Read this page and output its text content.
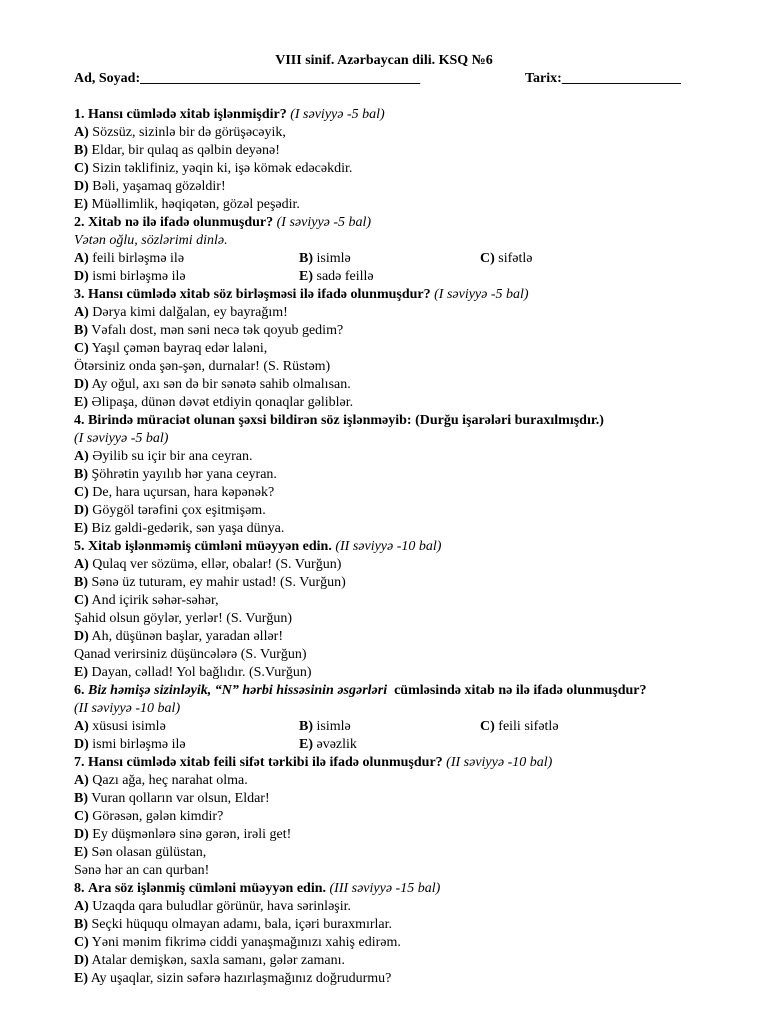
VIII sinif. Azərbaycan dili. KSQ №6
Ad, Soyad:________________________________________	Tarix:_________________
1. Hansı cümlədə xitab işlənmişdir? (I səviyyə -5 bal)
A) Sözsüz, sizinlə bir də görüşəcəyik,
B) Eldar, bir qulaq as qəlbin deyənə!
C) Sizin təklifiniz, yəqin ki, işə kömək edəcəkdir.
D) Bəli, yaşamaq gözəldir!
E) Müəllimlik, həqiqətən, gözəl peşədir.
2. Xitab nə ilə ifadə olunmuşdur? (I səviyyə -5 bal)
Vətən oğlu, sözlərimi dinlə.
A) feili birləşmə ilə	B) isimlə	C) sifətlə
D) ismi birləşmə ilə	E) sadə feillə
3. Hansı cümlədə xitab söz birləşməsi ilə ifadə olunmuşdur? (I səviyyə -5 bal)
A) Dərya kimi dalğalan, ey bayrağım!
B) Vəfalı dost, mən səni necə tək qoyub gedim?
C) Yaşıl çəmən bayraq edər laləni,
Ötərsiniz onda şən-şən, durnalar! (S. Rüstəm)
D) Ay oğul, axı sən də bir sənətə sahib olmalısan.
E) Əlipaşa, dünən dəvət etdiyin qonaqlar gəliblər.
4. Birində müraciət olunan şəxsi bildirən söz işlənməyib: (Durğu işarələri buraxılmışdır.)
(I səviyyə -5 bal)
A) Əyilib su içir bir ana ceyran.
B) Şöhrətin yayılıb hər yana ceyran.
C) De, hara uçursan, hara kəpənək?
D) Göygöl tərəfini çox eşitmişəm.
E) Biz gəldi-gedərik, sən yaşa dünya.
5. Xitab işlənməmiş cümləni müəyyən edin. (II səviyyə -10 bal)
A) Qulaq ver sözümə, ellər, obalar! (S. Vurğun)
B) Sənə üz tuturam, ey mahir ustad! (S. Vurğun)
C) And içirik səhər-səhər,
Şahid olsun göylər, yerlər! (S. Vurğun)
D) Ah, düşünən başlar, yaradan əllər!
Qanad verirsiniz düşüncələrə (S. Vurğun)
E) Dayan, cəllad! Yol bağlıdır. (S.Vurğun)
6. Biz həmişə sizinləyik, “N” hərbi hissəsinin əsgərləri cümləsində xitab nə ilə ifadə olunmuşdur?
(II səviyyə -10 bal)
A) xüsusi isimlə	B) isimlə	C) feili sifətlə
D) ismi birləşmə ilə	E) əvəzlik
7. Hansı cümlədə xitab feili sifət tərkibi ilə ifadə olunmuşdur? (II səviyyə -10 bal)
A) Qazı ağa, heç narahat olma.
B) Vuran qolların var olsun, Eldar!
C) Görəsən, gələn kimdir?
D) Ey düşmənlərə sinə gərən, irəli get!
E) Sən olasan gülüstan,
Sənə hər an can qurban!
8. Ara söz işlənmiş cümləni müəyyən edin. (III səviyyə -15 bal)
A) Uzaqda qara buludlar görünür, hava sərinləşir.
B) Seçki hüququ olmayan adamı, bala, içəri buraxmırlar.
C) Yəni mənim fikrimə ciddi yanaşmağınızı xahiş edirəm.
D) Atalar demişkən, saxla samanı, gələr zamanı.
E) Ay uşaqlar, sizin səfərə hazırlaşmağınız doğrudurmu?
